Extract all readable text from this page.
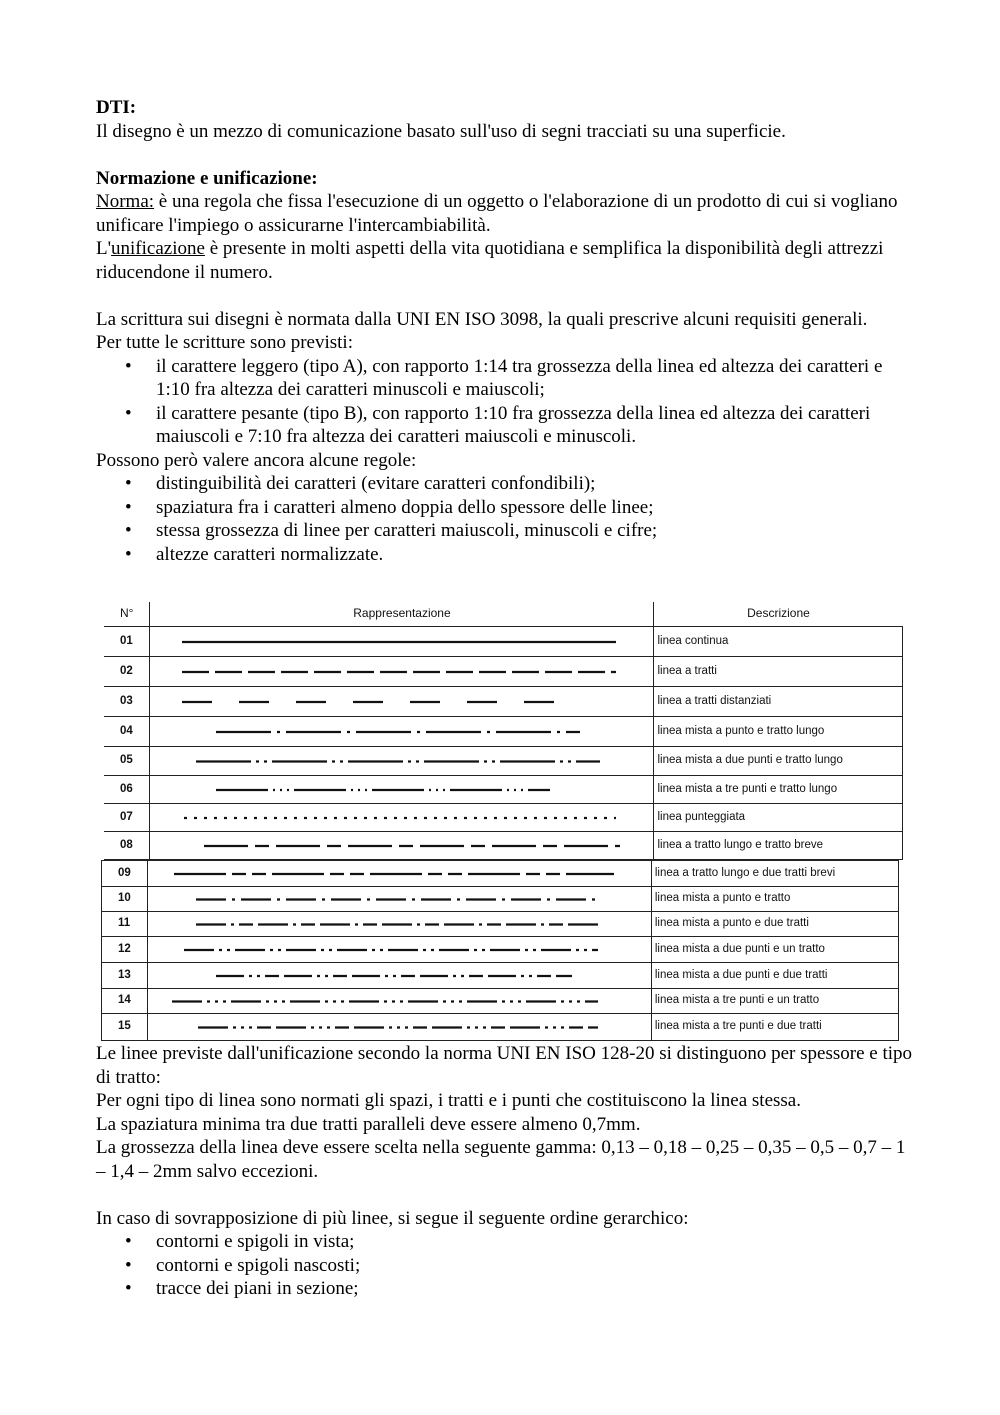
DTI:

Il disegno è un mezzo di comunicazione basato sull'uso di segni tracciati su una superficie.

Normazione e unificazione:

Norma: è una regola che fissa l'esecuzione di un oggetto o l'elaborazione di un prodotto di cui si vogliano unificare l'impiego o assicurarne l'intercambiabilità.

L'unificazione è presente in molti aspetti della vita quotidiana e semplifica la disponibilità degli attrezzi riducendone il numero.

La scrittura sui disegni è normata dalla UNI EN ISO 3098, la quali prescrive alcuni requisiti generali.

Per tutte le scritture sono previsti:

• il carattere leggero (tipo A), con rapporto 1:14 tra grossezza della linea ed altezza dei caratteri e 1:10 fra altezza dei caratteri minuscoli e maiuscoli;
• il carattere pesante (tipo B), con rapporto 1:10 fra grossezza della linea ed altezza dei caratteri maiuscoli e 7:10 fra altezza dei caratteri maiuscoli e minuscoli.

Possono però valere ancora alcune regole:

• distinguibilità dei caratteri (evitare caratteri confondibili);
• spaziatura fra i caratteri almeno doppia dello spessore delle linee;
• stessa grossezza di linee per caratteri maiuscoli, minuscoli e cifre;
• altezze caratteri normalizzate.
N°	Rappresentazione	Descrizione
01		linea continua
02		linea a tratti
03		linea a tratti distanziati
04		linea mista a punto e tratto lungo
05		linea mista a due punti e tratto lungo
06		linea mista a tre punti e tratto lungo
07		linea punteggiata
08		linea a tratto lungo e tratto breve
09		linea a tratto lungo e due tratti brevi
10		linea mista a punto e tratto
11		linea mista a punto e due tratti
12		linea mista a due punti e un tratto
13		linea mista a due punti e due tratti
14		linea mista a tre punti e un tratto
15		linea mista a tre punti e due tratti

Le linee previste dall'unificazione secondo la norma UNI EN ISO 128-20 si distinguono per spessore e tipo di tratto:

Per ogni tipo di linea sono normati gli spazi, i tratti e i punti che costituiscono la linea stessa.

La spaziatura minima tra due tratti paralleli deve essere almeno 0,7mm.

La grossezza della linea deve essere scelta nella seguente gamma: 0,13 – 0,18 – 0,25 – 0,35 – 0,5 – 0,7 – 1 – 1,4 – 2mm salvo eccezioni.

In caso di sovrapposizione di più linee, si segue il seguente ordine gerarchico:

• contorni e spigoli in vista;
• contorni e spigoli nascosti;
• tracce dei piani in sezione;
